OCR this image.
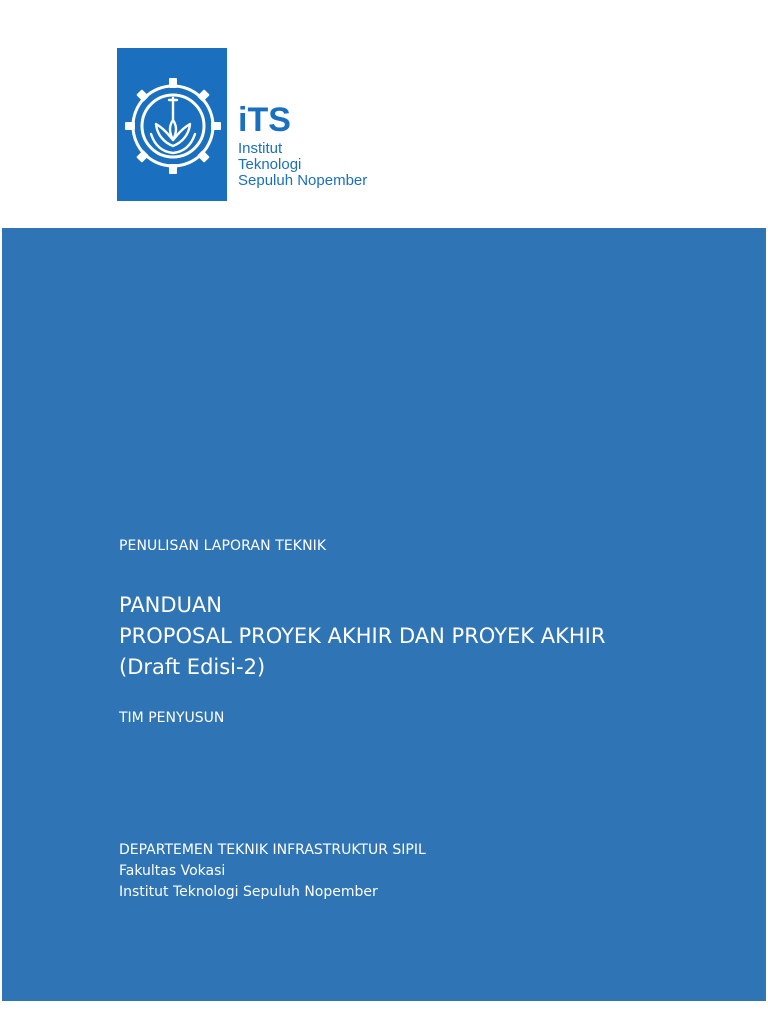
iTS
Institut
Teknologi
Sepuluh Nopember
PENULISAN LAPORAN TEKNIK
PANDUAN
PROPOSAL PROYEK AKHIR DAN PROYEK AKHIR
(Draft Edisi-2)
TIM PENYUSUN
DEPARTEMEN TEKNIK INFRASTRUKTUR SIPIL
Fakultas Vokasi
Institut Teknologi Sepuluh Nopember
